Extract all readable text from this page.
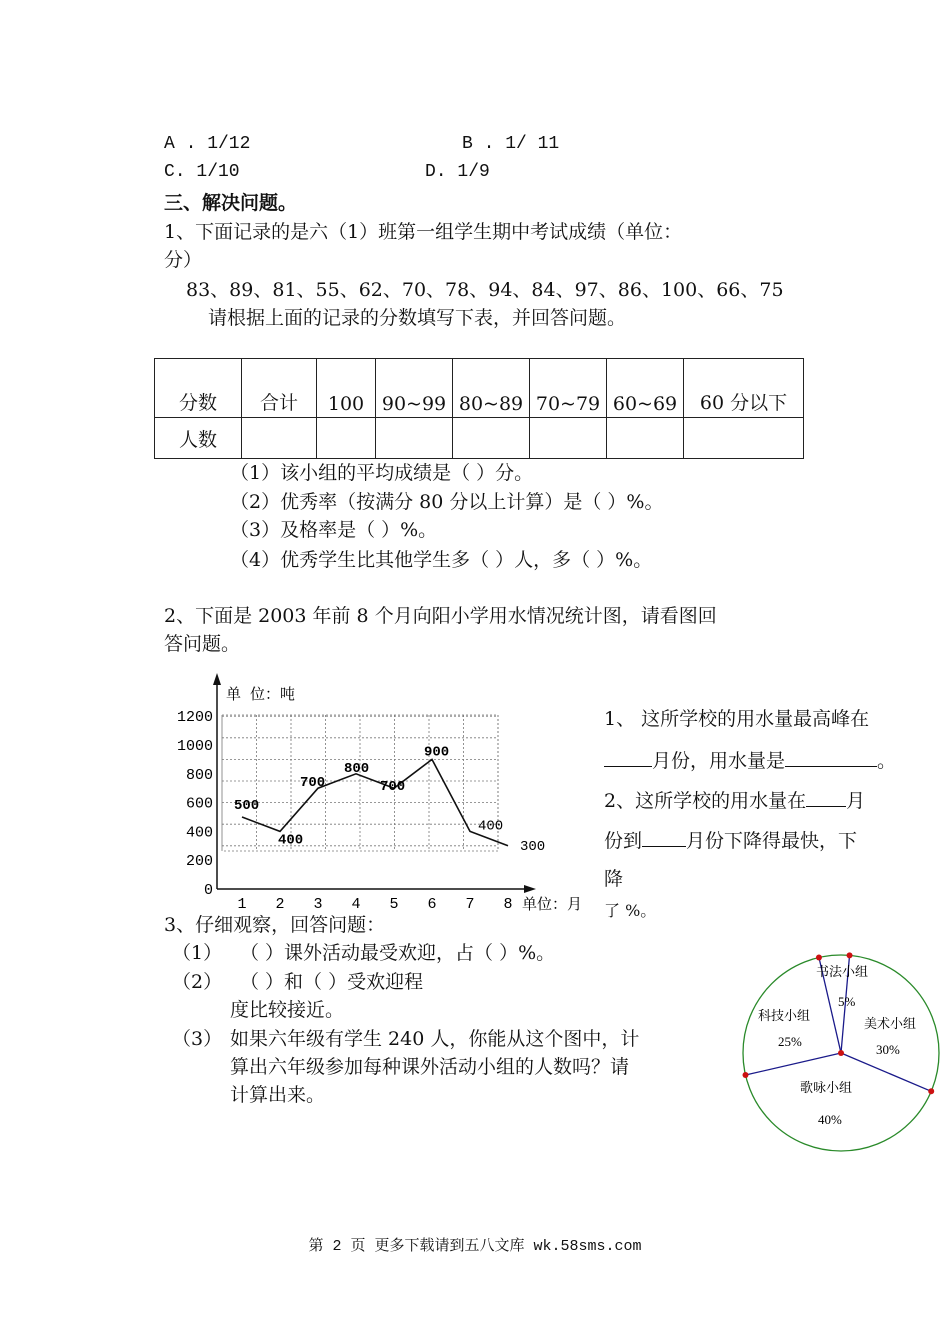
A . 1/12	B . 1/ 11
C. 1/10	D. 1/9
三、解决问题。
1、下面记录的是六（1）班第一组学生期中考试成绩（单位：
分）
83、89、81、55、62、70、78、94、84、97、86、100、66、75
请根据上面的记录的分数填写下表，并回答问题。
分数	合计	100	90~99	80~89	70~79	60~69	60 分以下
人数							
（1）该小组的平均成绩是（ ）分。
（2）优秀率（按满分 80 分以上计算）是（ ）%。
（3）及格率是（ ）%。
（4）优秀学生比其他学生多（ ）人，多（ ）%。
2、下面是 2003 年前 8 个月向阳小学用水情况统计图，请看图回
答问题。
0
200
400
600
800
1000
1200
1 2 3 4 5 6 7 8
500
400
700
800
700
900
400
300
单 位：吨
单位：月
1、 这所学校的用水量最高峰在
月份，用水量是	。
2、这所学校的用水量在 月
份到 月份下降得最快，下
降
了 %。
3、仔细观察，回答问题：
（1） （ ）课外活动最受欢迎，占（ ）%。
（2） （ ）和（ ）受欢迎程
度比较接近。
（3） 如果六年级有学生 240 人，你能从这个图中，计
算出六年级参加每种课外活动小组的人数吗？请
计算出来。
书法小组
5%
美术小组
30%
歌咏小组
40%
科技小组
25%
第 2 页 更多下载请到五八文库 wk.58sms.com
